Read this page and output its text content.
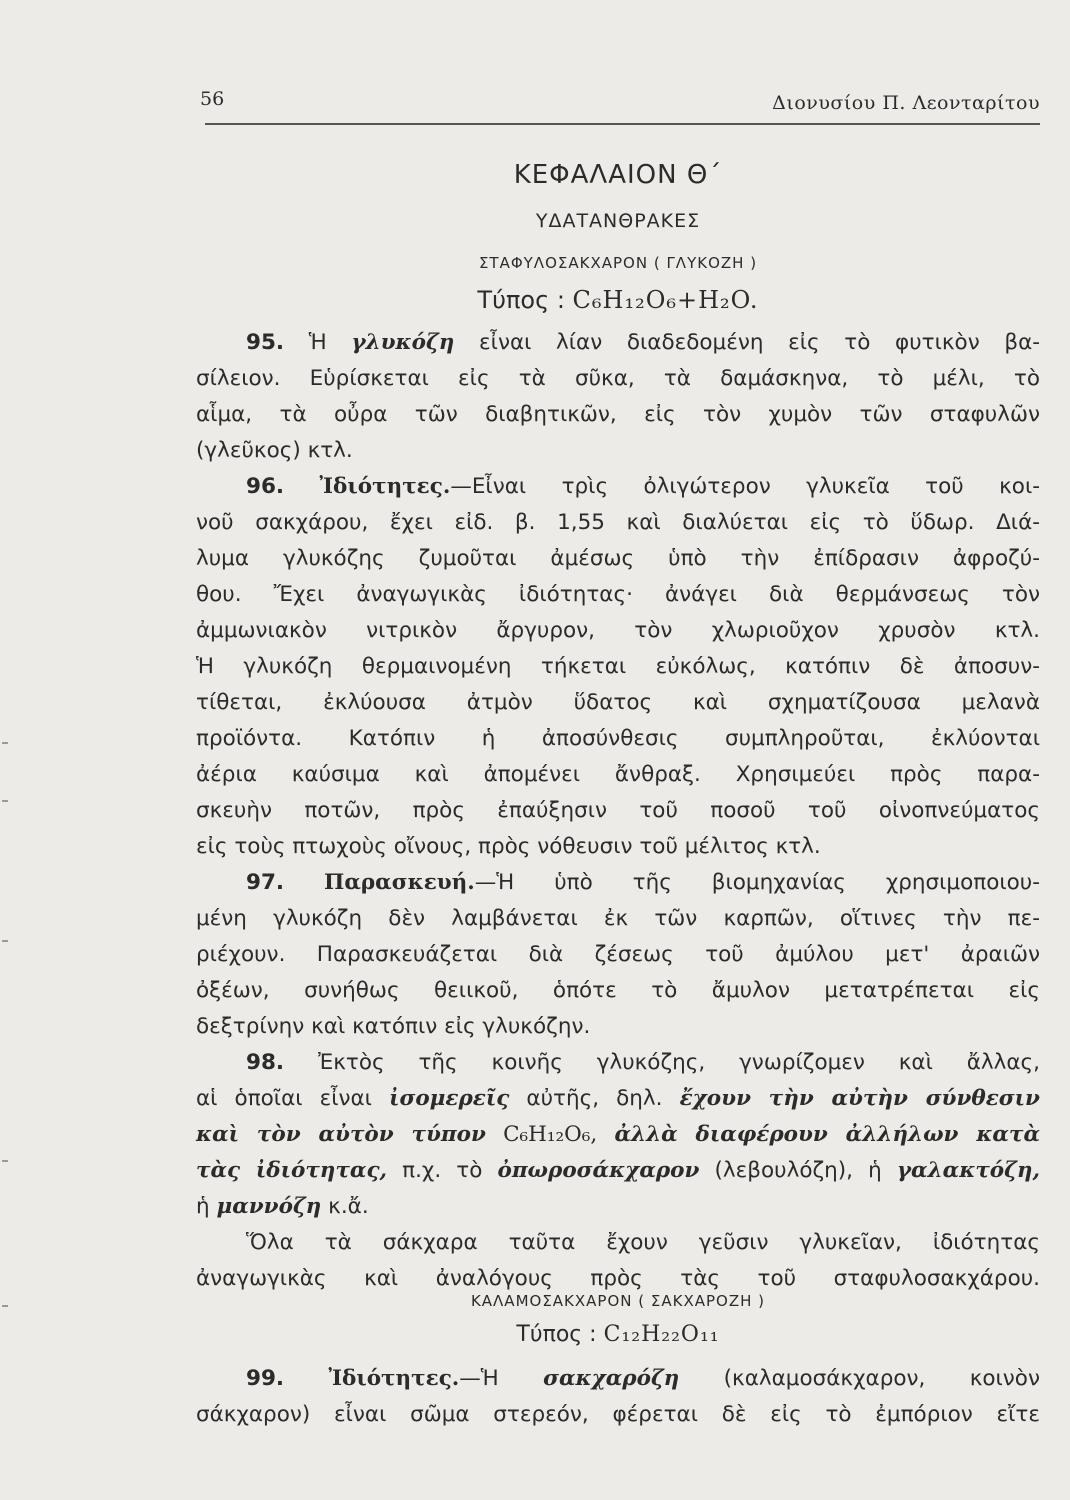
56	Διονυσίου Π. Λεονταρίτου
ΚΕΦΑΛΑΙΟΝ Θ΄
ΥΔΑΤΑΝΘΡΑΚΕΣ
ΣΤΑΦΥΛΟΣΑΚΧΑΡΟΝ ( ΓΛΥΚΟΖΗ )
Τύπος : C₆H₁₂O₆+H₂O.
95. Ἡ γλυκόζη εἶναι λίαν διαδεδομένη εἰς τὸ φυτικὸν βα-
σίλειον. Εὑρίσκεται εἰς τὰ σῦκα, τὰ δαμάσκηνα, τὸ μέλι, τὸ
αἷμα, τὰ οὖρα τῶν διαβητικῶν, εἰς τὸν χυμὸν τῶν σταφυλῶν
(γλεῦκος) κτλ.
96. Ἰδιότητες.—Εἶναι τρὶς ὀλιγώτερον γλυκεῖα τοῦ κοι-
νοῦ σακχάρου, ἔχει εἰδ. β. 1,55 καὶ διαλύεται εἰς τὸ ὕδωρ. Διά-
λυμα γλυκόζης ζυμοῦται ἀμέσως ὑπὸ τὴν ἐπίδρασιν ἀφροζύ-
θου. Ἔχει ἀναγωγικὰς ἰδιότητας· ἀνάγει διὰ θερμάνσεως τὸν
ἀμμωνιακὸν νιτρικὸν ἄργυρον, τὸν χλωριοῦχον χρυσὸν κτλ.
Ἡ γλυκόζη θερμαινομένη τήκεται εὐκόλως, κατόπιν δὲ ἀποσυν-
τίθεται, ἐκλύουσα ἀτμὸν ὕδατος καὶ σχηματίζουσα μελανὰ
προϊόντα. Κατόπιν ἡ ἀποσύνθεσις συμπληροῦται, ἐκλύονται
ἀέρια καύσιμα καὶ ἀπομένει ἄνθραξ. Χρησιμεύει πρὸς παρα-
σκευὴν ποτῶν, πρὸς ἐπαύξησιν τοῦ ποσοῦ τοῦ οἰνοπνεύματος
εἰς τοὺς πτωχοὺς οἴνους, πρὸς νόθευσιν τοῦ μέλιτος κτλ.
97. Παρασκευή.—Ἡ ὑπὸ τῆς βιομηχανίας χρησιμοποιου-
μένη γλυκόζη δὲν λαμβάνεται ἐκ τῶν καρπῶν, οἵτινες τὴν πε-
ριέχουν. Παρασκευάζεται διὰ ζέσεως τοῦ ἀμύλου μετ' ἀραιῶν
ὀξέων, συνήθως θειικοῦ, ὁπότε τὸ ἄμυλον μετατρέπεται εἰς
δεξτρίνην καὶ κατόπιν εἰς γλυκόζην.
98. Ἐκτὸς τῆς κοινῆς γλυκόζης, γνωρίζομεν καὶ ἄλλας,
αἱ ὁποῖαι εἶναι ἰσομερεῖς αὐτῆς, δηλ. ἔχουν τὴν αὐτὴν σύνθεσιν
καὶ τὸν αὐτὸν τύπον C₆H₁₂O₆, ἀλλὰ διαφέρουν ἀλλήλων κατὰ
τὰς ἰδιότητας, π.χ. τὸ ὀπωροσάκχαρον (λεβουλόζη), ἡ γαλακτόζη,
ἡ μαννόζη κ.ἄ.
Ὅλα τὰ σάκχαρα ταῦτα ἔχουν γεῦσιν γλυκεῖαν, ἰδιότητας
ἀναγωγικὰς καὶ ἀναλόγους πρὸς τὰς τοῦ σταφυλοσακχάρου.
ΚΑΛΑΜΟΣΑΚΧΑΡΟΝ ( ΣΑΚΧΑΡΟΖΗ )
Τύπος : C₁₂H₂₂O₁₁
99. Ἰδιότητες.—Ἡ σακχαρόζη (καλαμοσάκχαρον, κοινὸν
σάκχαρον) εἶναι σῶμα στερεόν, φέρεται δὲ εἰς τὸ ἐμπόριον εἴτε
